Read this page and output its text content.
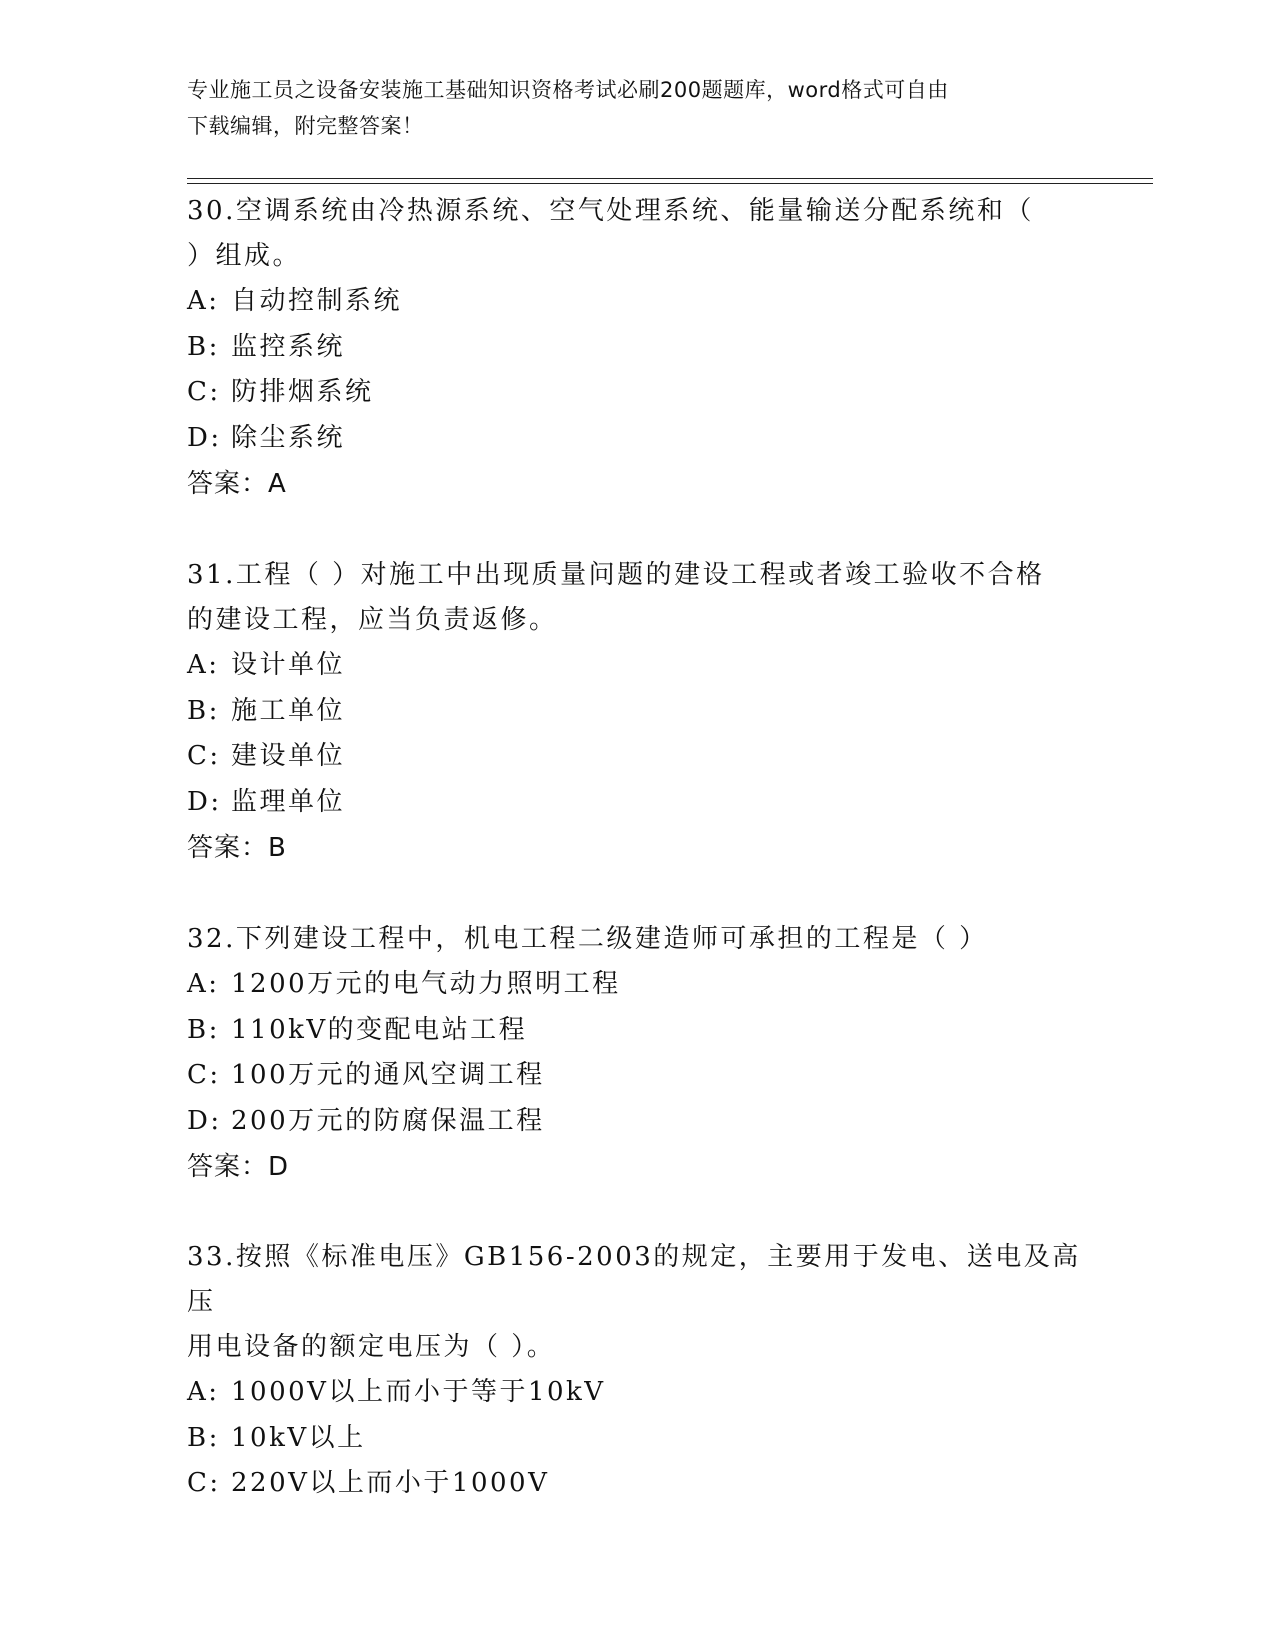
专业施工员之设备安装施工基础知识资格考试必刷200题题库，word格式可自由
下载编辑，附完整答案！

30.空调系统由冷热源系统、空气处理系统、能量输送分配系统和（

）组成。

A: 自动控制系统

B: 监控系统

C: 防排烟系统

D: 除尘系统

答案：A

31.工程（ ）对施工中出现质量问题的建设工程或者竣工验收不合格

的建设工程，应当负责返修。

A: 设计单位

B: 施工单位

C: 建设单位

D: 监理单位

答案：B

32.下列建设工程中，机电工程二级建造师可承担的工程是（ ）

A: 1200万元的电气动力照明工程

B: 110kV的变配电站工程

C: 100万元的通风空调工程

D: 200万元的防腐保温工程

答案：D

33.按照《标准电压》GB156-2003的规定，主要用于发电、送电及高压

用电设备的额定电压为（ ）。

A: 1000V以上而小于等于10kV

B: 10kV以上

C: 220V以上而小于1000V
